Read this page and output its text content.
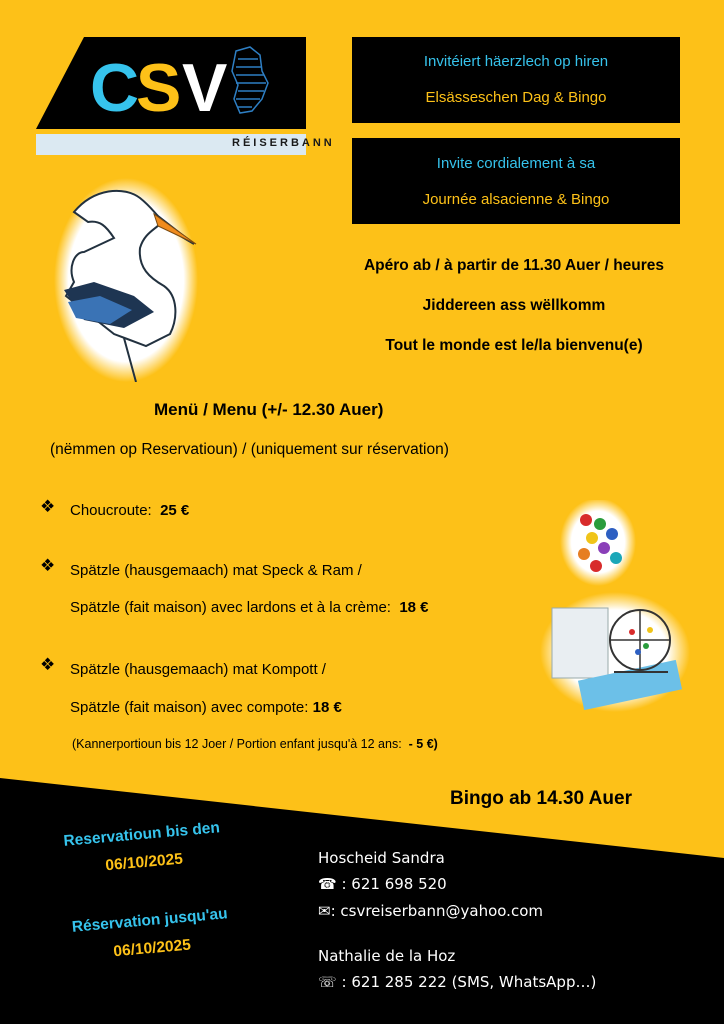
C
S V
RÉISERBANN
Invitéiert häerzlech op hiren
Elsässeschen Dag & Bingo
Invite cordialement à sa
Journée alsacienne & Bingo
Apéro ab / à partir de 11.30 Auer / heures
Jiddereen ass wëllkomm
Tout le monde est le/la bienvenu(e)
Menü / Menu (+/- 12.30 Auer)
(nëmmen op Reservatioun) / (uniquement sur réservation)
❖ Choucroute: 25 €
❖ Spätzle (hausgemaach) mat Speck & Ram /
Spätzle (fait maison) avec lardons et à la crème: 18 €
❖ Spätzle (hausgemaach) mat Kompott /
Spätzle (fait maison) avec compote: 18 €
(Kannerportioun bis 12 Joer / Portion enfant jusqu'à 12 ans: - 5 €)
Bingo ab 14.30 Auer
Reservatioun bis den
06/10/2025
Réservation jusqu'au
06/10/2025
Hoscheid Sandra
☎ : 621 698 520
✉: csvreiserbann@yahoo.com
Nathalie de la Hoz
☏ : 621 285 222 (SMS, WhatsApp…)
